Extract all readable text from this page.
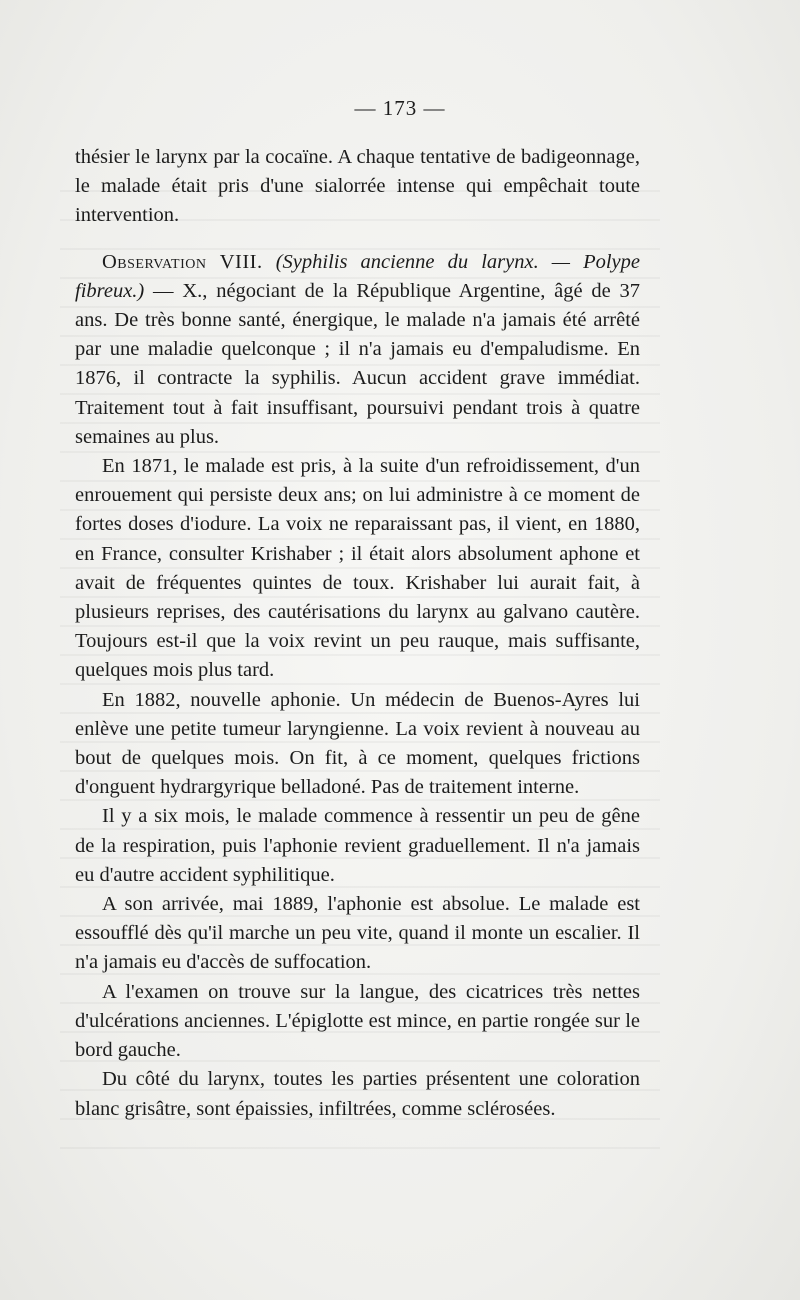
— 173 —

thésier le larynx par la cocaïne. A chaque tentative de badigeonnage, le malade était pris d'une sialorrée intense qui empêchait toute intervention.

Observation VIII. (Syphilis ancienne du larynx. — Polype fibreux.) — X., négociant de la République Argentine, âgé de 37 ans. De très bonne santé, énergique, le malade n'a jamais été arrêté par une maladie quelconque ; il n'a jamais eu d'empaludisme. En 1876, il contracte la syphilis. Aucun accident grave immédiat. Traitement tout à fait insuffisant, poursuivi pendant trois à quatre semaines au plus.

En 1871, le malade est pris, à la suite d'un refroidissement, d'un enrouement qui persiste deux ans; on lui administre à ce moment de fortes doses d'iodure. La voix ne reparaissant pas, il vient, en 1880, en France, consulter Krishaber ; il était alors absolument aphone et avait de fréquentes quintes de toux. Krishaber lui aurait fait, à plusieurs reprises, des cautérisations du larynx au galvano cautère. Toujours est-il que la voix revint un peu rauque, mais suffisante, quelques mois plus tard.

En 1882, nouvelle aphonie. Un médecin de Buenos-Ayres lui enlève une petite tumeur laryngienne. La voix revient à nouveau au bout de quelques mois. On fit, à ce moment, quelques frictions d'onguent hydrargyrique belladoné. Pas de traitement interne.

Il y a six mois, le malade commence à ressentir un peu de gêne de la respiration, puis l'aphonie revient graduellement. Il n'a jamais eu d'autre accident syphilitique.

A son arrivée, mai 1889, l'aphonie est absolue. Le malade est essoufflé dès qu'il marche un peu vite, quand il monte un escalier. Il n'a jamais eu d'accès de suffocation.

A l'examen on trouve sur la langue, des cicatrices très nettes d'ulcérations anciennes. L'épiglotte est mince, en partie rongée sur le bord gauche.

Du côté du larynx, toutes les parties présentent une coloration blanc grisâtre, sont épaissies, infiltrées, comme sclérosées.
